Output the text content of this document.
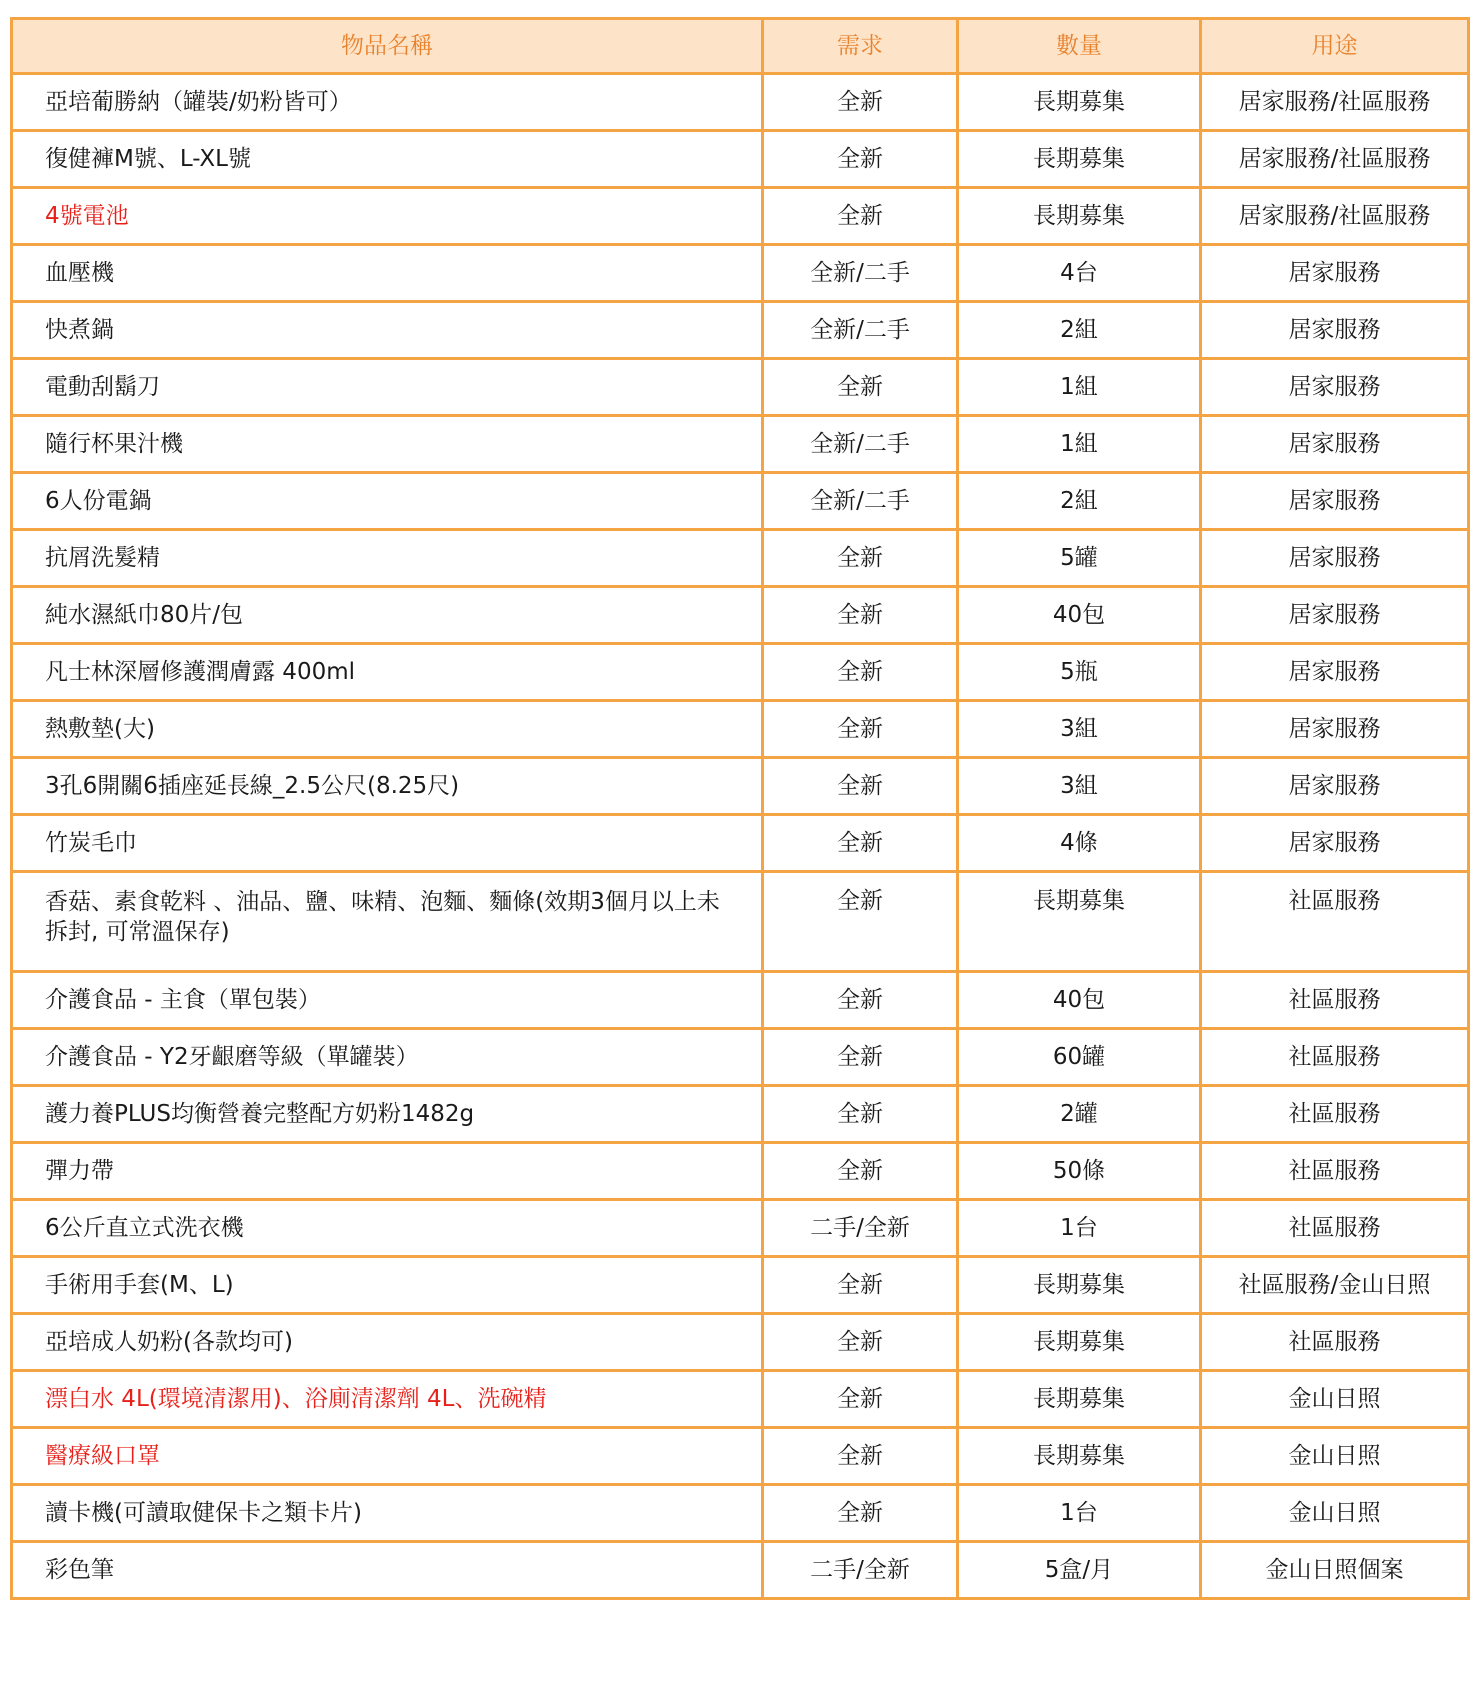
物品名稱	需求	數量	用途
亞培葡勝納（罐裝/奶粉皆可）	全新	長期募集	居家服務/社區服務
復健褲M號、L-XL號	全新	長期募集	居家服務/社區服務
4號電池	全新	長期募集	居家服務/社區服務
血壓機	全新/二手	4台	居家服務
快煮鍋	全新/二手	2組	居家服務
電動刮鬍刀	全新	1組	居家服務
隨行杯果汁機	全新/二手	1組	居家服務
6人份電鍋	全新/二手	2組	居家服務
抗屑洗髮精	全新	5罐	居家服務
純水濕紙巾80片/包	全新	40包	居家服務
凡士林深層修護潤膚露 400ml	全新	5瓶	居家服務
熱敷墊(大)	全新	3組	居家服務
3孔6開關6插座延長線_2.5公尺(8.25尺)	全新	3組	居家服務
竹炭毛巾	全新	4條	居家服務
香菇、素食乾料 、油品、鹽、味精、泡麵、麵條(效期3個月以上未拆封, 可常溫保存)	全新	長期募集	社區服務
介護食品 - 主食（單包裝）	全新	40包	社區服務
介護食品 - Y2牙齦磨等級（單罐裝）	全新	60罐	社區服務
護力養PLUS均衡營養完整配方奶粉1482g	全新	2罐	社區服務
彈力帶	全新	50條	社區服務
6公斤直立式洗衣機	二手/全新	1台	社區服務
手術用手套(M、L)	全新	長期募集	社區服務/金山日照
亞培成人奶粉(各款均可)	全新	長期募集	社區服務
漂白水 4L(環境清潔用)、浴廁清潔劑 4L、洗碗精	全新	長期募集	金山日照
醫療級口罩	全新	長期募集	金山日照
讀卡機(可讀取健保卡之類卡片)	全新	1台	金山日照
彩色筆	二手/全新	5盒/月	金山日照個案
